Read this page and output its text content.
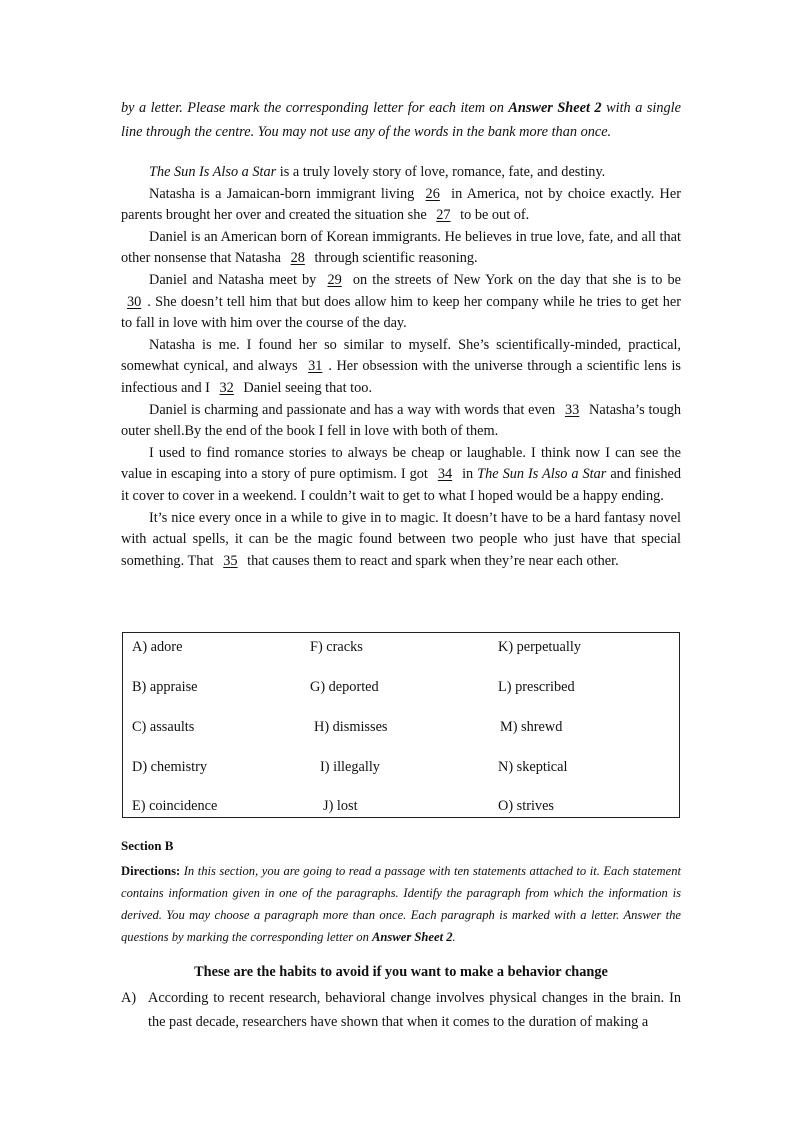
by a letter. Please mark the corresponding letter for each item on Answer Sheet 2 with a single line through the centre. You may not use any of the words in the bank more than once.

The Sun Is Also a Star is a truly lovely story of love, romance, fate, and destiny.

Natasha is a Jamaican-born immigrant living 26 in America, not by choice exactly. Her parents brought her over and created the situation she 27 to be out of.

Daniel is an American born of Korean immigrants. He believes in true love, fate, and all that other nonsense that Natasha 28 through scientific reasoning.

Daniel and Natasha meet by 29 on the streets of New York on the day that she is to be 30 . She doesn’t tell him that but does allow him to keep her company while he tries to get her to fall in love with him over the course of the day.

Natasha is me. I found her so similar to myself. She’s scientifically-minded, practical, somewhat cynical, and always 31 . Her obsession with the universe through a scientific lens is infectious and I 32 Daniel seeing that too.

Daniel is charming and passionate and has a way with words that even 33 Natasha’s tough outer shell.By the end of the book I fell in love with both of them.

I used to find romance stories to always be cheap or laughable. I think now I can see the value in escaping into a story of pure optimism. I got 34 in The Sun Is Also a Star and finished it cover to cover in a weekend. I couldn’t wait to get to what I hoped would be a happy ending.

It’s nice every once in a while to give in to magic. It doesn’t have to be a hard fantasy novel with actual spells, it can be the magic found between two people who just have that special something. That 35 that causes them to react and spark when they’re near each other.

A) adore	F) cracks	K) perpetually
B) appraise	G) deported	L) prescribed
C) assaults	H) dismisses	M) shrewd
D) chemistry	I) illegally	N) skeptical
E) coincidence	J) lost	O) strives
Section B
Directions: In this section, you are going to read a passage with ten statements attached to it. Each statement contains information given in one of the paragraphs. Identify the paragraph from which the information is derived. You may choose a paragraph more than once. Each paragraph is marked with a letter. Answer the questions by marking the corresponding letter on Answer Sheet 2.
These are the habits to avoid if you want to make a behavior change
A) According to recent research, behavioral change involves physical changes in the brain. In the past decade, researchers have shown that when it comes to the duration of making a
